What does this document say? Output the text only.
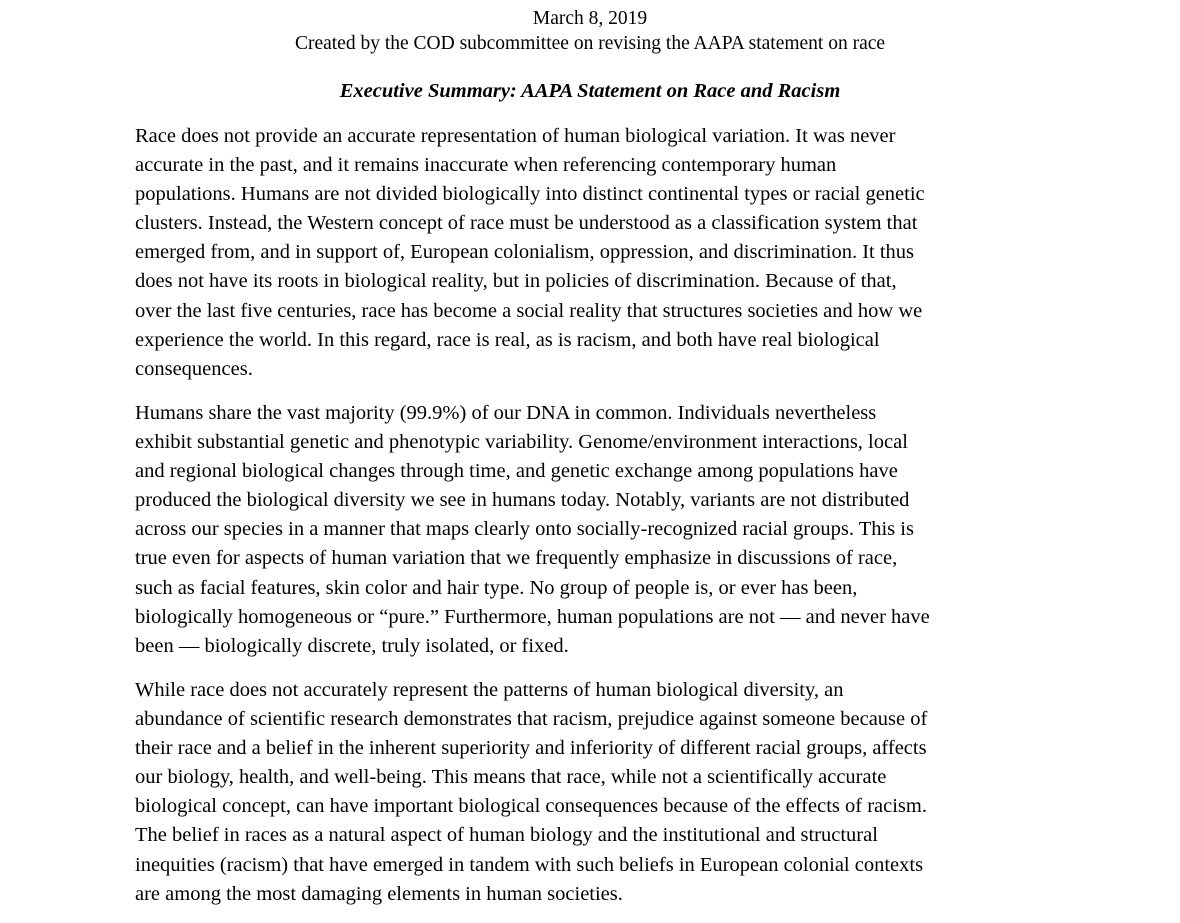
March 8, 2019
Created by the COD subcommittee on revising the AAPA statement on race
Executive Summary: AAPA Statement on Race and Racism

Race does not provide an accurate representation of human biological variation. It was never
accurate in the past, and it remains inaccurate when referencing contemporary human
populations. Humans are not divided biologically into distinct continental types or racial genetic
clusters. Instead, the Western concept of race must be understood as a classification system that
emerged from, and in support of, European colonialism, oppression, and discrimination. It thus
does not have its roots in biological reality, but in policies of discrimination. Because of that,
over the last five centuries, race has become a social reality that structures societies and how we
experience the world. In this regard, race is real, as is racism, and both have real biological
consequences.

Humans share the vast majority (99.9%) of our DNA in common. Individuals nevertheless
exhibit substantial genetic and phenotypic variability. Genome/environment interactions, local
and regional biological changes through time, and genetic exchange among populations have
produced the biological diversity we see in humans today. Notably, variants are not distributed
across our species in a manner that maps clearly onto socially-recognized racial groups. This is
true even for aspects of human variation that we frequently emphasize in discussions of race,
such as facial features, skin color and hair type. No group of people is, or ever has been,
biologically homogeneous or “pure.” Furthermore, human populations are not — and never have
been — biologically discrete, truly isolated, or fixed.

While race does not accurately represent the patterns of human biological diversity, an
abundance of scientific research demonstrates that racism, prejudice against someone because of
their race and a belief in the inherent superiority and inferiority of different racial groups, affects
our biology, health, and well-being. This means that race, while not a scientifically accurate
biological concept, can have important biological consequences because of the effects of racism.
The belief in races as a natural aspect of human biology and the institutional and structural
inequities (racism) that have emerged in tandem with such beliefs in European colonial contexts
are among the most damaging elements in human societies.
